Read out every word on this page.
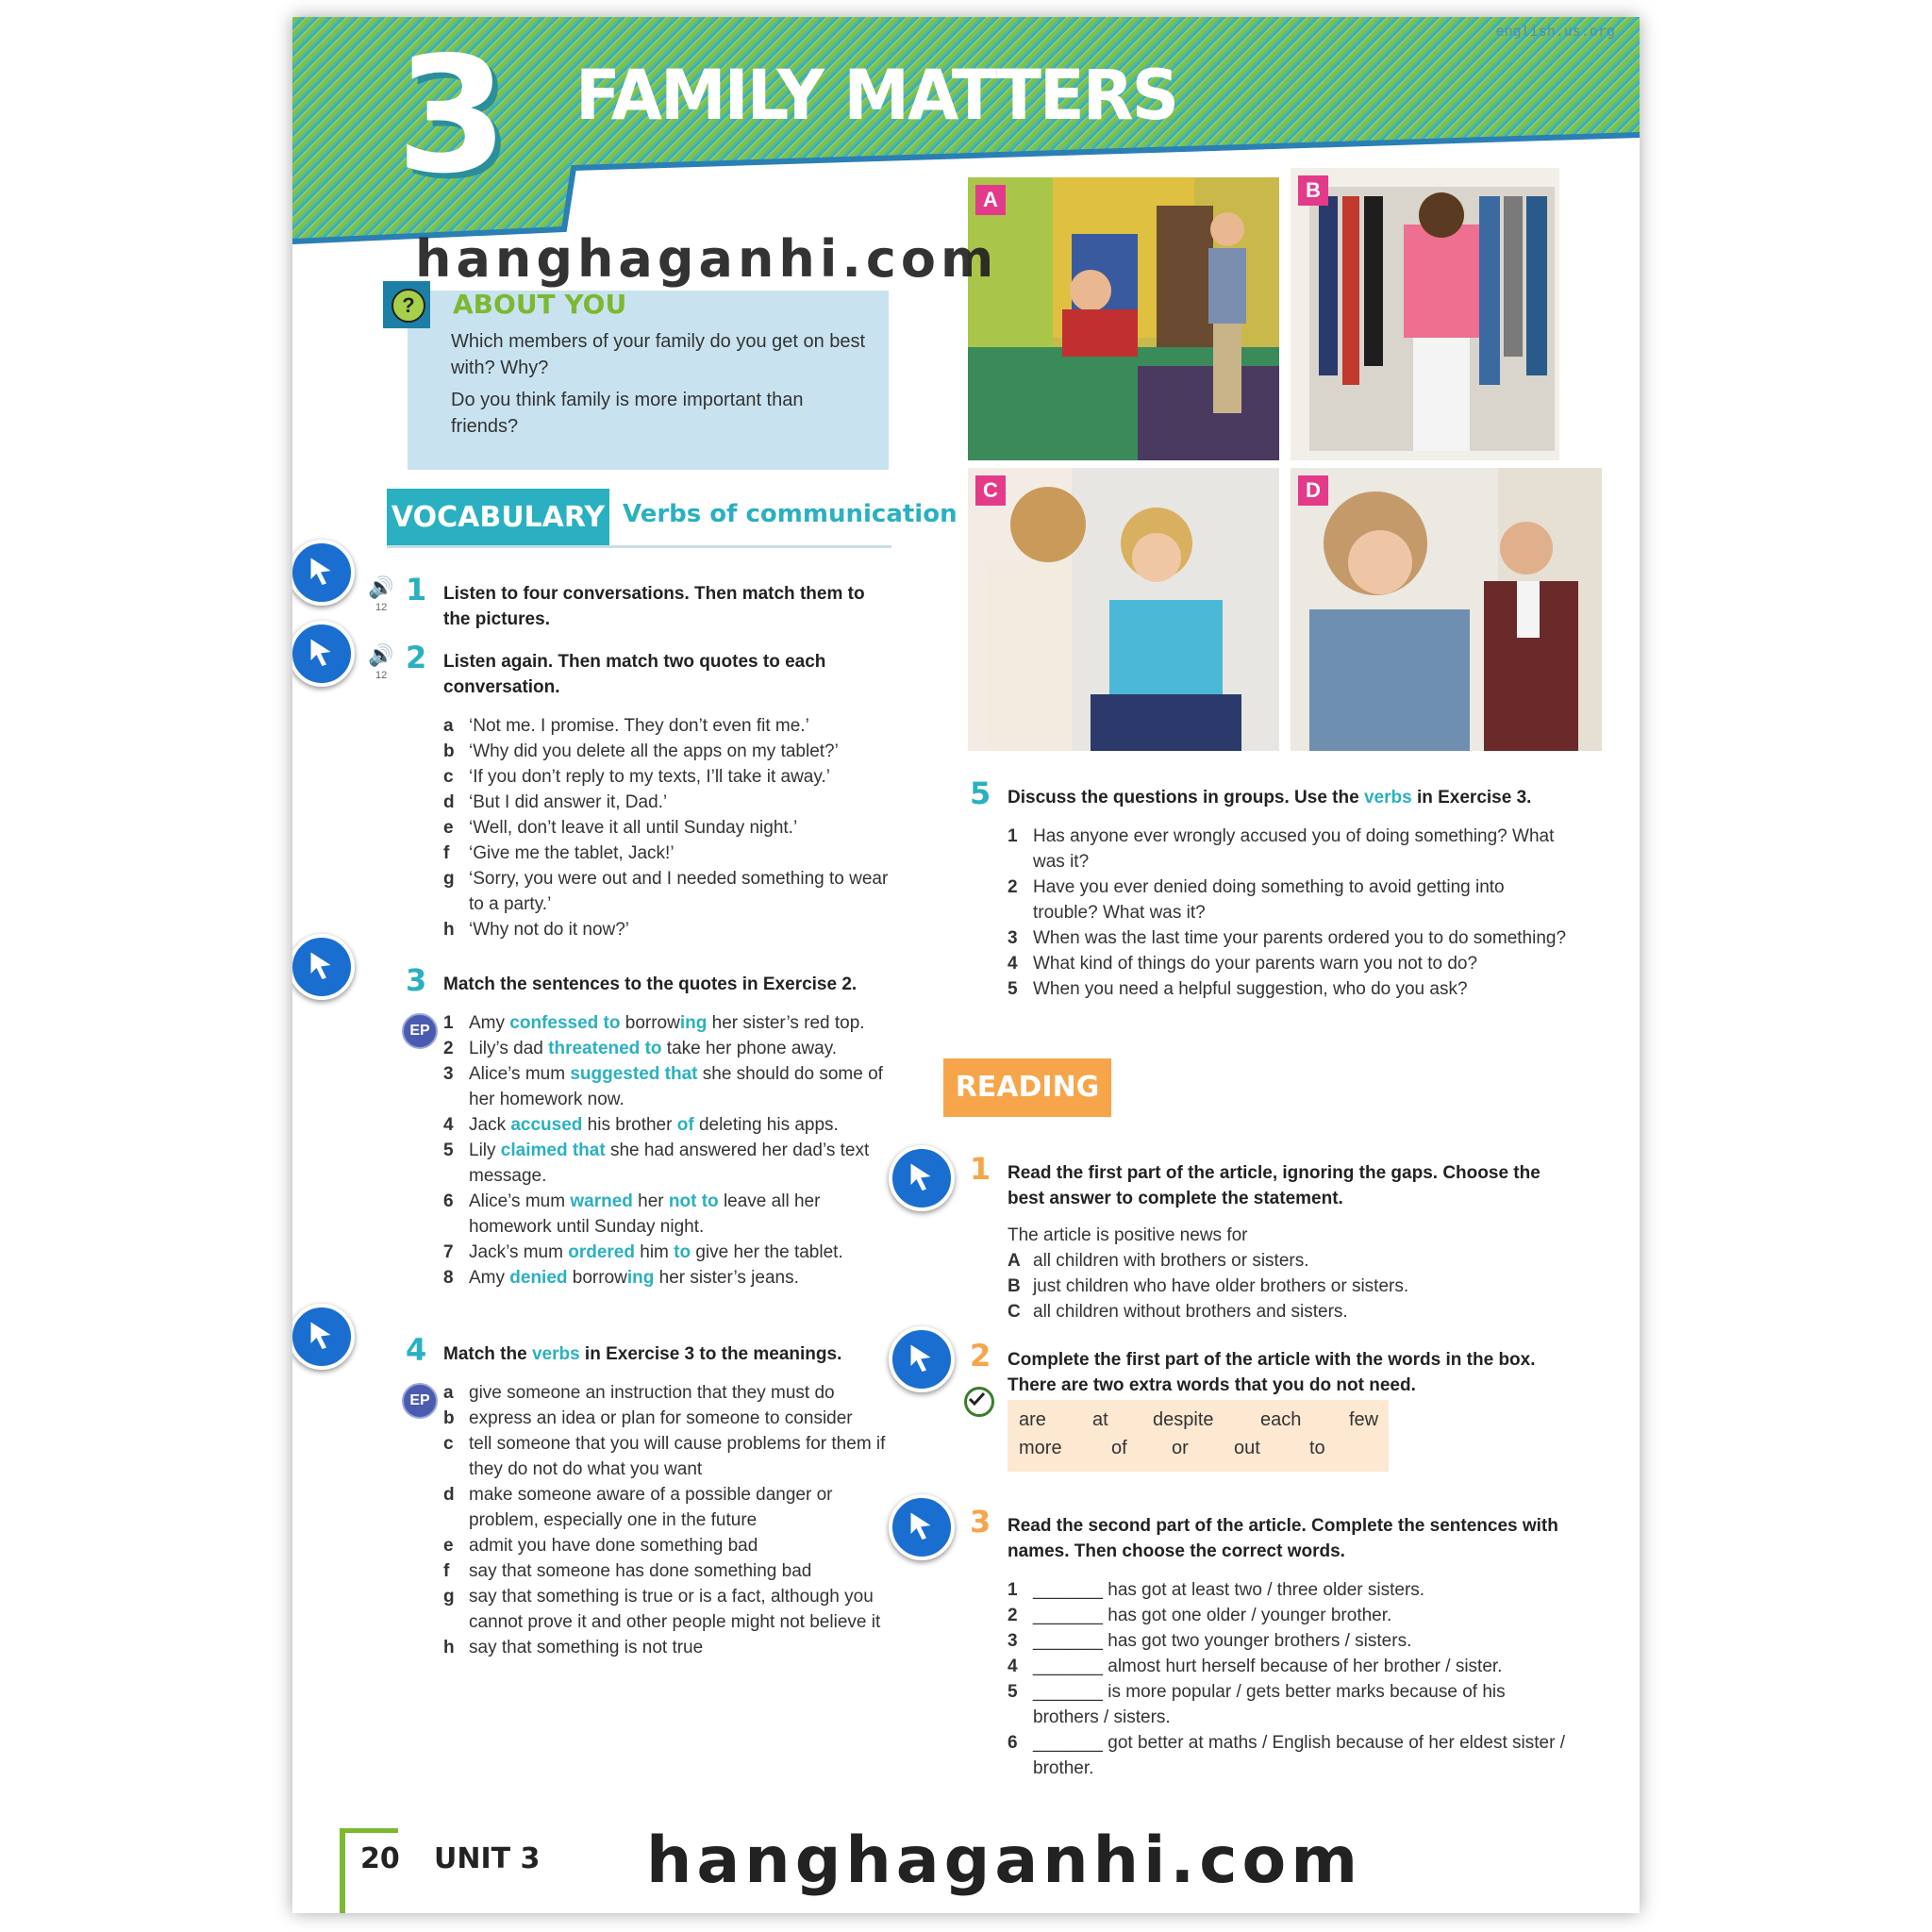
3 FAMILY MATTERS
english.us.org
?	ABOUT YOU

Which members of your family do you get on best with? Why?

Do you think family is more important than friends?

VOCABULARY Verbs of communication
🔊
12 1 Listen to four conversations. Then match them to the pictures.
🔊
12 2 Listen again. Then match two quotes to each conversation.
a ‘Not me. I promise. They don’t even fit me.’
b ‘Why did you delete all the apps on my tablet?’
c ‘If you don’t reply to my texts, I’ll take it away.’
d ‘But I did answer it, Dad.’
e ‘Well, don’t leave it all until Sunday night.’
f ‘Give me the tablet, Jack!’
g ‘Sorry, you were out and I needed something to wear to a party.’
h ‘Why not do it now?’
EP
3 Match the sentences to the quotes in Exercise 2.
1 Amy confessed to borrowing her sister’s red top.
2 Lily’s dad threatened to take her phone away.
3 Alice’s mum suggested that she should do some of her homework now.
4 Jack accused his brother of deleting his apps.
5 Lily claimed that she had answered her dad’s text message.
6 Alice’s mum warned her not to leave all her homework until Sunday night.
7 Jack’s mum ordered him to give her the tablet.
8 Amy denied borrowing her sister’s jeans.
EP
4 Match the verbs in Exercise 3 to the meanings.
a give someone an instruction that they must do
b express an idea or plan for someone to consider
c tell someone that you will cause problems for them if they do not do what you want
d make someone aware of a possible danger or problem, especially one in the future
e admit you have done something bad
f say that someone has done something bad
g say that something is true or is a fact, although you cannot prove it and other people might not believe it
h say that something is not true
A	B
C	D
5 Discuss the questions in groups. Use the verbs in Exercise 3.
1 Has anyone ever wrongly accused you of doing something? What was it?
2 Have you ever denied doing something to avoid getting into trouble? What was it?
3 When was the last time your parents ordered you to do something?
4 What kind of things do your parents warn you not to do?
5 When you need a helpful suggestion, who do you ask?
READING
1 Read the first part of the article, ignoring the gaps. Choose the best answer to complete the statement.
The article is positive news for
A all children with brothers or sisters.
B just children who have older brothers or sisters.
C all children without brothers and sisters.
2 Complete the first part of the article with the words in the box. There are two extra words that you do not need.
are at despite each	few
more	of or out	to
3 Read the second part of the article. Complete the sentences with names. Then choose the correct words.
1 _______ has got at least two / three older sisters.
2 _______ has got one older / younger brother.
3 _______ has got two younger brothers / sisters.
4 _______ almost hurt herself because of her brother / sister.
5 _______ is more popular / gets better marks because of his brothers / sisters.
6 _______ got better at maths / English because of her eldest sister / brother.
20 UNIT 3
hanghaganhi.com
hanghaganhi.com
